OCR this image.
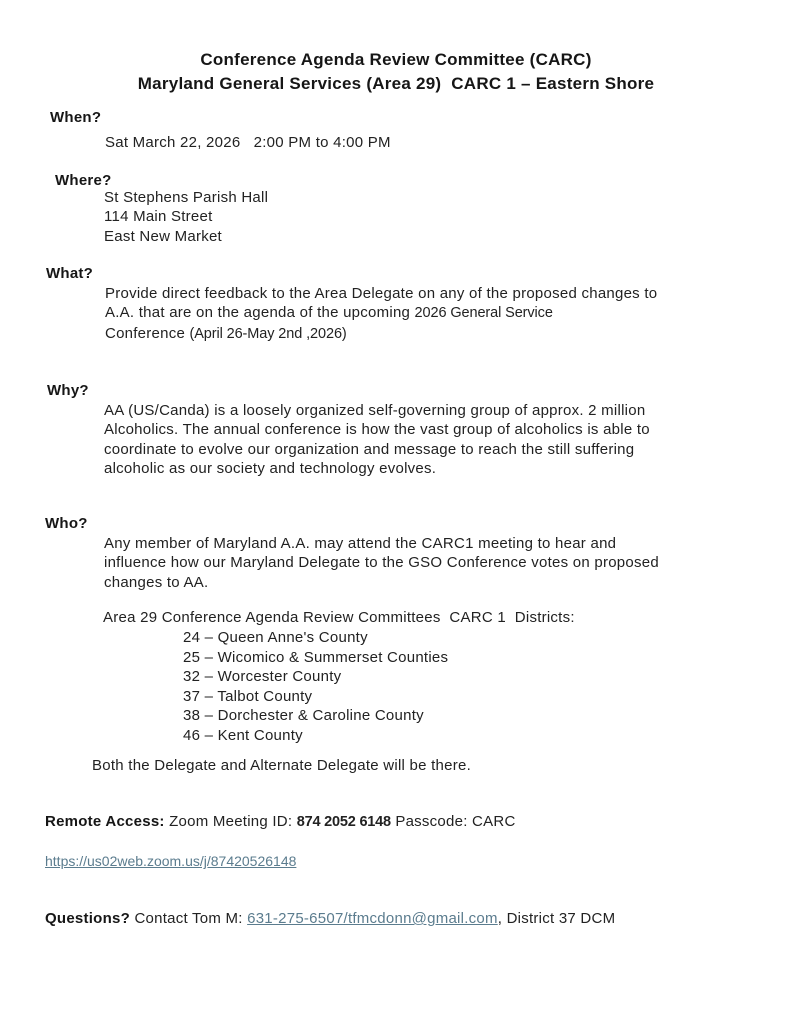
Conference Agenda Review Committee (CARC)
Maryland General Services (Area 29)  CARC 1 – Eastern Shore
When?
Sat March 22, 2026   2:00 PM to 4:00 PM
Where?
St Stephens Parish Hall
114 Main Street
East New Market
What?
Provide direct feedback to the Area Delegate on any of the proposed changes to
A.A. that are on the agenda of the upcoming 2026 General Service
Conference (April 26-May 2nd ,2026)
Why?
AA (US/Canda) is a loosely organized self-governing group of approx. 2 million
Alcoholics. The annual conference is how the vast group of alcoholics is able to
coordinate to evolve our organization and message to reach the still suffering
alcoholic as our society and technology evolves.
Who?
Any member of Maryland A.A. may attend the CARC1 meeting to hear and
influence how our Maryland Delegate to the GSO Conference votes on proposed
changes to AA.
Area 29 Conference Agenda Review Committees  CARC 1  Districts:
24 – Queen Anne's County
25 – Wicomico & Summerset Counties
32 – Worcester County
37 – Talbot County
38 – Dorchester & Caroline County
46 – Kent County
Both the Delegate and Alternate Delegate will be there.
Remote Access: Zoom Meeting ID: 874 2052 6148 Passcode: CARC
https://us02web.zoom.us/j/87420526148
Questions? Contact Tom M: 631-275-6507/tfmcdonn@gmail.com, District 37 DCM
